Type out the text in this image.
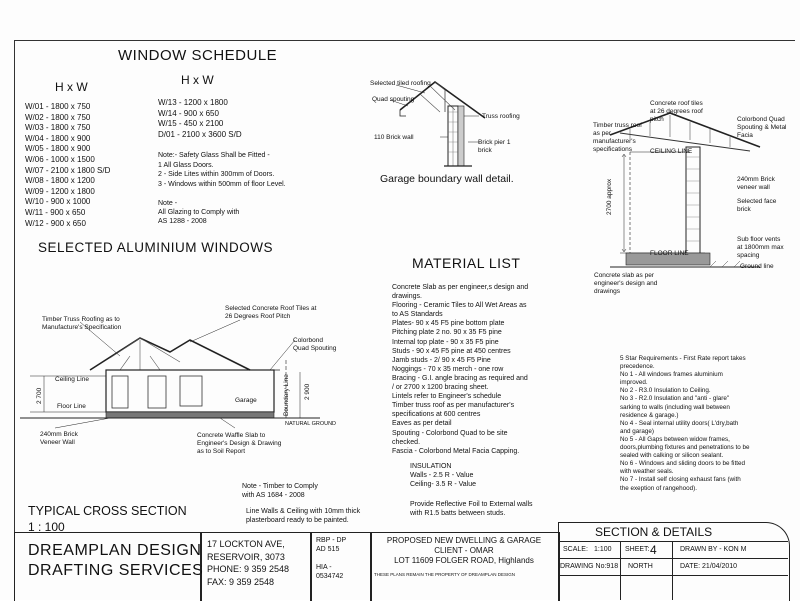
WINDOW SCHEDULE
H x W	H x W
W/01 - 1800 x 750
W/02 - 1800 x 750
W/03 - 1800 x 750
W/04 - 1800 x 900
W/05 - 1800 x 900
W/06 - 1000 x 1500
W/07 - 2100 x 1800 S/D
W/08 - 1800 x 1200
W/09 - 1200 x 1800
W/10 - 900 x 1000
W/11 - 900 x 650
W/12 - 900 x 650
W/13 - 1200 x 1800
W/14 - 900 x 650
W/15 - 450 x 2100
D/01 - 2100 x 3600 S/D
Note:- Safety Glass Shall be Fitted -
1 All Glass Doors.
2 - Side Lites within 300mm of Doors.
3 - Windows within 500mm of floor Level.
Note -
All Glazing to Comply with
AS 1288 - 2008
SELECTED ALUMINIUM WINDOWS
Selected tiled roofing.
Quad spouting
Truss roofing
110 Brick wall
Brick pier 1 brick
Garage boundary wall detail.
Concrete roof tiles at 26 degrees roof pitch
Timber truss roof as per manufacturer's specifications
Colorbond Quad Spouting & Metal Facia
CEILING LINE
2700 approx	240mm Brick veneer wall
Selected face brick
Sub floor vents at 1800mm max spacing
FLOOR LINE
Ground line
Concrete slab as per engineer's design and drawings
MATERIAL LIST
Concrete Slab as per engineer,s design and
drawings.
Flooring - Ceramic Tiles to All Wet Areas as
to AS Standards
Plates- 90 x 45 F5 pine bottom plate
Pitching plate 2 no. 90 x 35 F5 pine
Internal top plate - 90 x 35 F5 pine
Studs - 90 x 45 F5 pine at 450 centres
Jamb studs - 2/ 90 x 45 F5 Pine
Noggings - 70 x 35 merch - one row
Bracing - G.I. angle bracing as required and
/ or 2700 x 1200 bracing sheet.
Lintels refer to Engineer's schedule
Timber truss roof as per manufacturer's
specifications at 600 centres
Eaves as per detail
Spouting - Colorbond Quad to be site
checked.
Fascia - Colorbond Metal Facia Capping.
INSULATION
Walls - 2.5 R - Value
Ceiling- 3.5 R - Value
Provide Reflective Foil to External walls
with R1.5 batts between studs.
5 Star Requirements - First Rate report takes
precedence.
No 1 - All windows frames aluminium
improved.
No 2 - R3.0 Insulation to Ceiling.
No 3 - R2.0 Insulation and "anti - glare"
sarking to walls (including wall between
residence & garage.)
No 4 - Seal internal utility doors( L'dry,bath
and garage)
No 5 - All Gaps between widow frames,
doors,plumbing fixtures and penetrations to be
sealed with calking or silicon sealant.
No 6 - Windows and sliding doors to be fitted
with weather seals.
No 7 - Install self closing exhaust fans (with
the exeption of rangehood).
Timber Truss Roofing as to Manufacture's Specification
Selected Concrete Roof Tiles at 26 Degrees Roof Pitch
Colorbond Quad Spouting
Ceiling Line
Floor Line
240mm Brick Veneer Wall
Concrete Waffle Slab to Engineer's Design & Drawing as to Soil Report
Garage	Boundary Line
2 700	2 900
NATURAL GROUND
TYPICAL CROSS SECTION
1 : 100
Note - Timber to Comply
with AS 1684 - 2008
Line Walls & Ceiling with 10mm thick
plasterboard ready to be painted.
DREAMPLAN DESIGN
DRAFTING SERVICES
17 LOCKTON AVE,
RESERVOIR, 3073
PHONE: 9 359 2548
FAX: 9 359 2548
RBP - DP
AD 515
HIA -
0534742
PROPOSED NEW DWELLING & GARAGE
CLIENT - OMAR
LOT 11609 FOLGER ROAD, Highlands
THESE PLANS REMAIN THE PROPERTY OF DREAMPLAN DESIGN
SECTION & DETAILS
SCALE: 1:100 SHEET: 4	DRAWN BY - KON M
DRAWING No:918 NORTH	DATE: 21/04/2010
